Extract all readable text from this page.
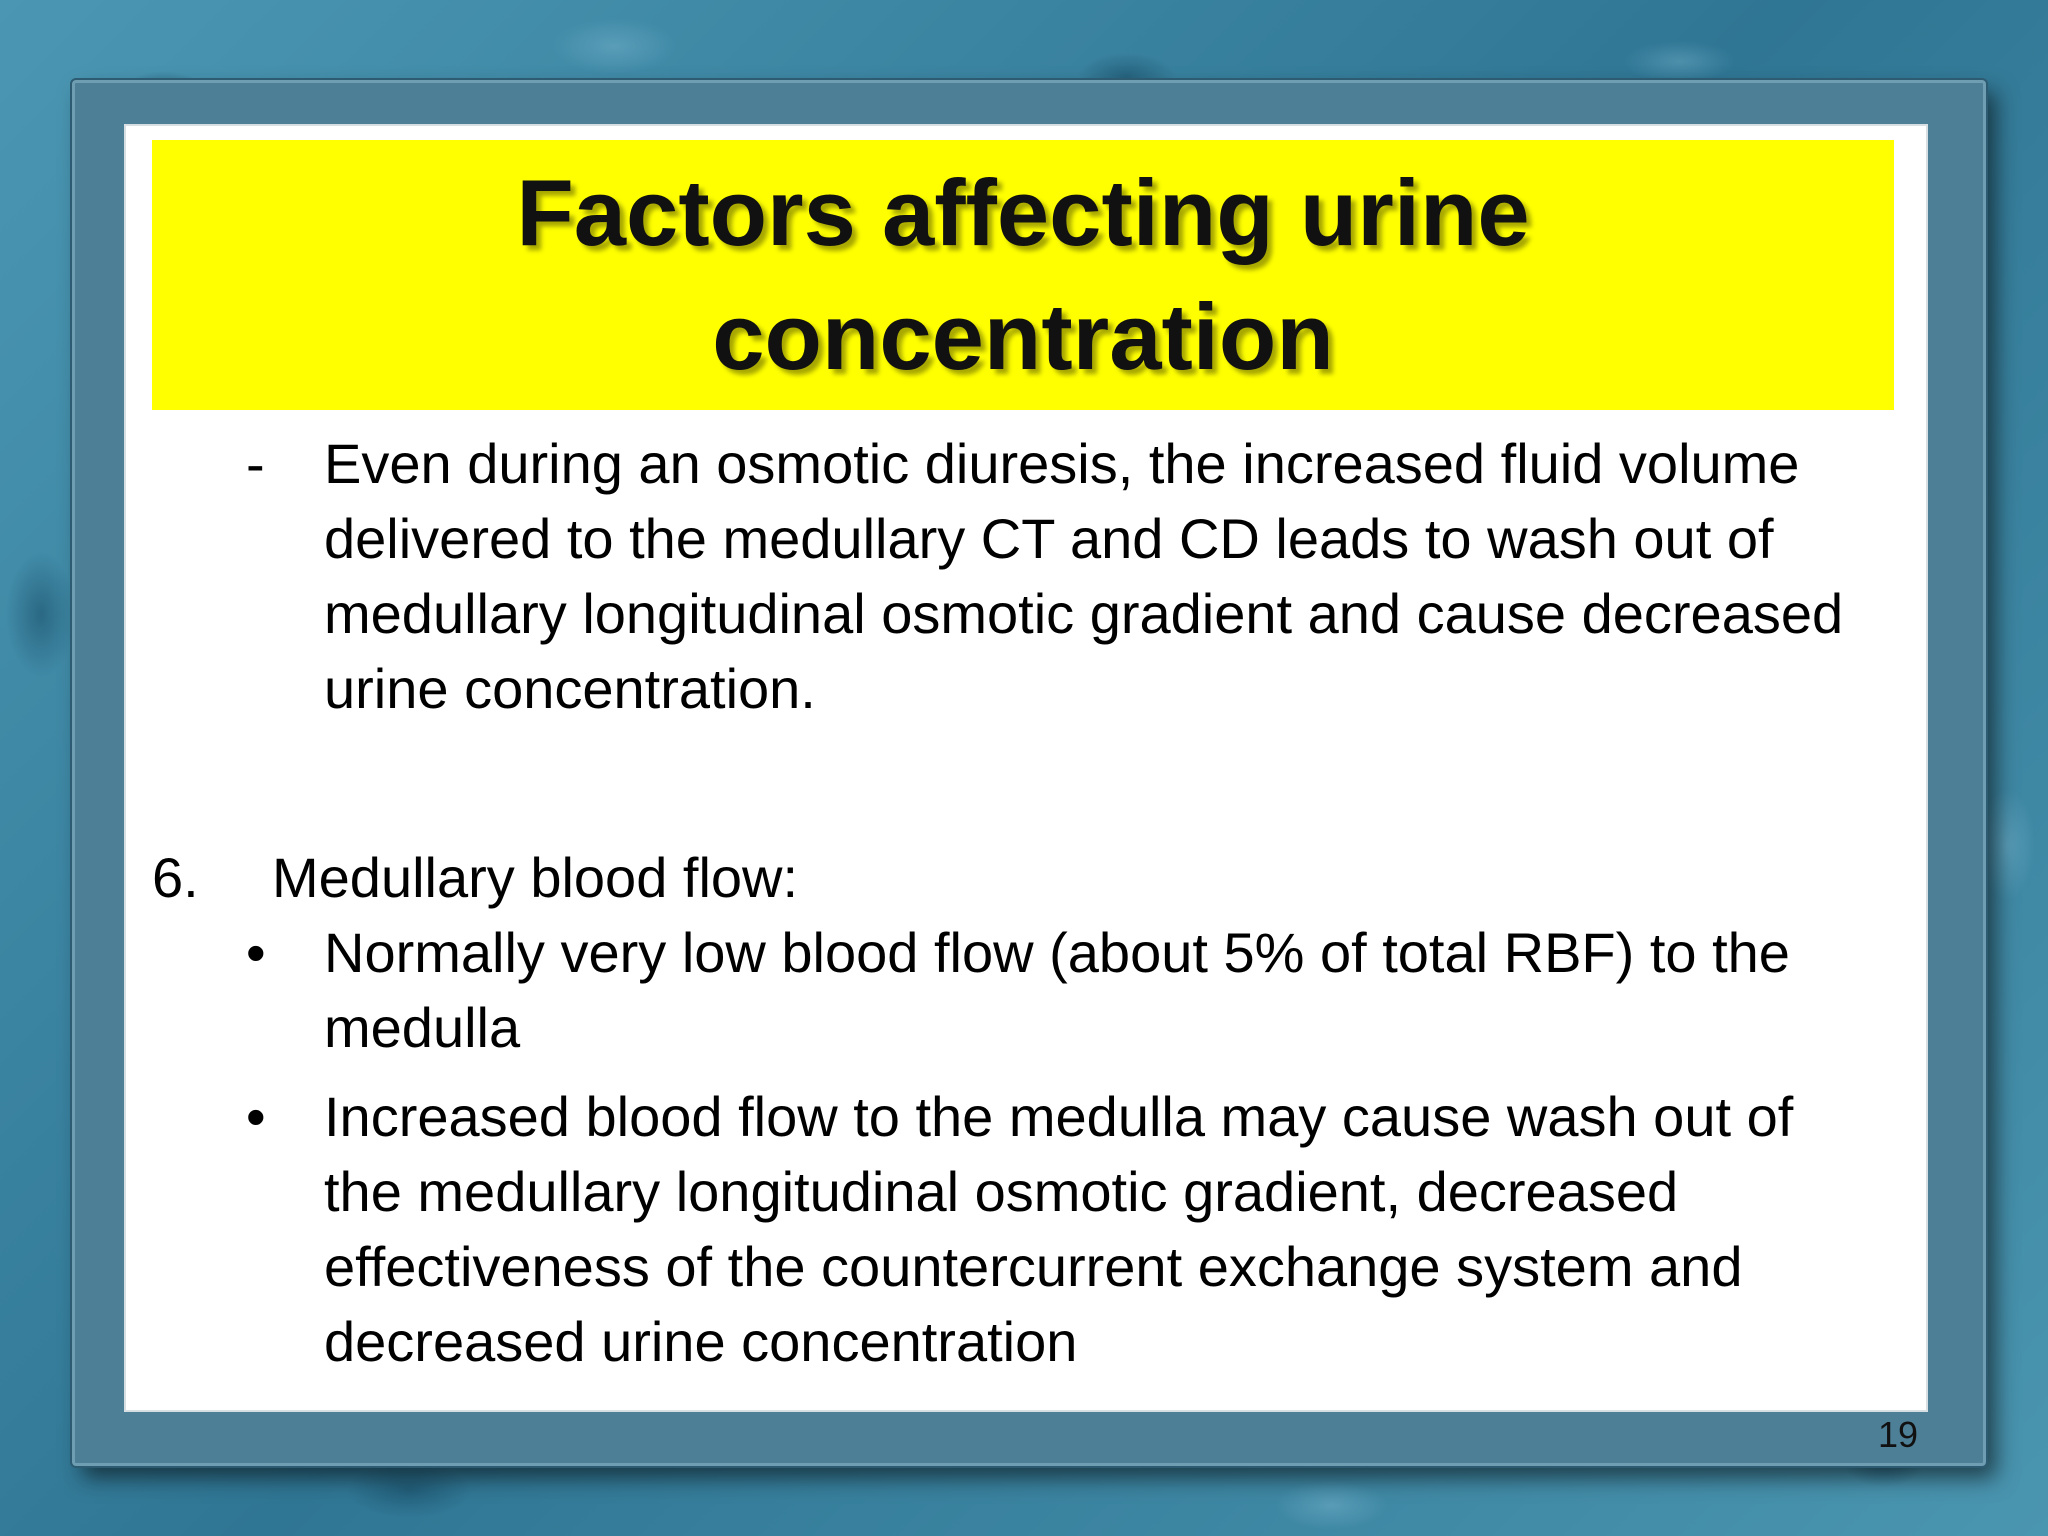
Factors affecting urine
concentration
- Even during an osmotic diuresis, the increased fluid volume delivered to the medullary CT and CD leads to wash out of medullary longitudinal osmotic gradient and cause decreased urine concentration.
6. Medullary blood flow:
• Normally very low blood flow (about 5% of total RBF) to the medulla
• Increased blood flow to the medulla may cause wash out of the medullary longitudinal osmotic gradient, decreased effectiveness of the countercurrent exchange system and decreased urine concentration
19
